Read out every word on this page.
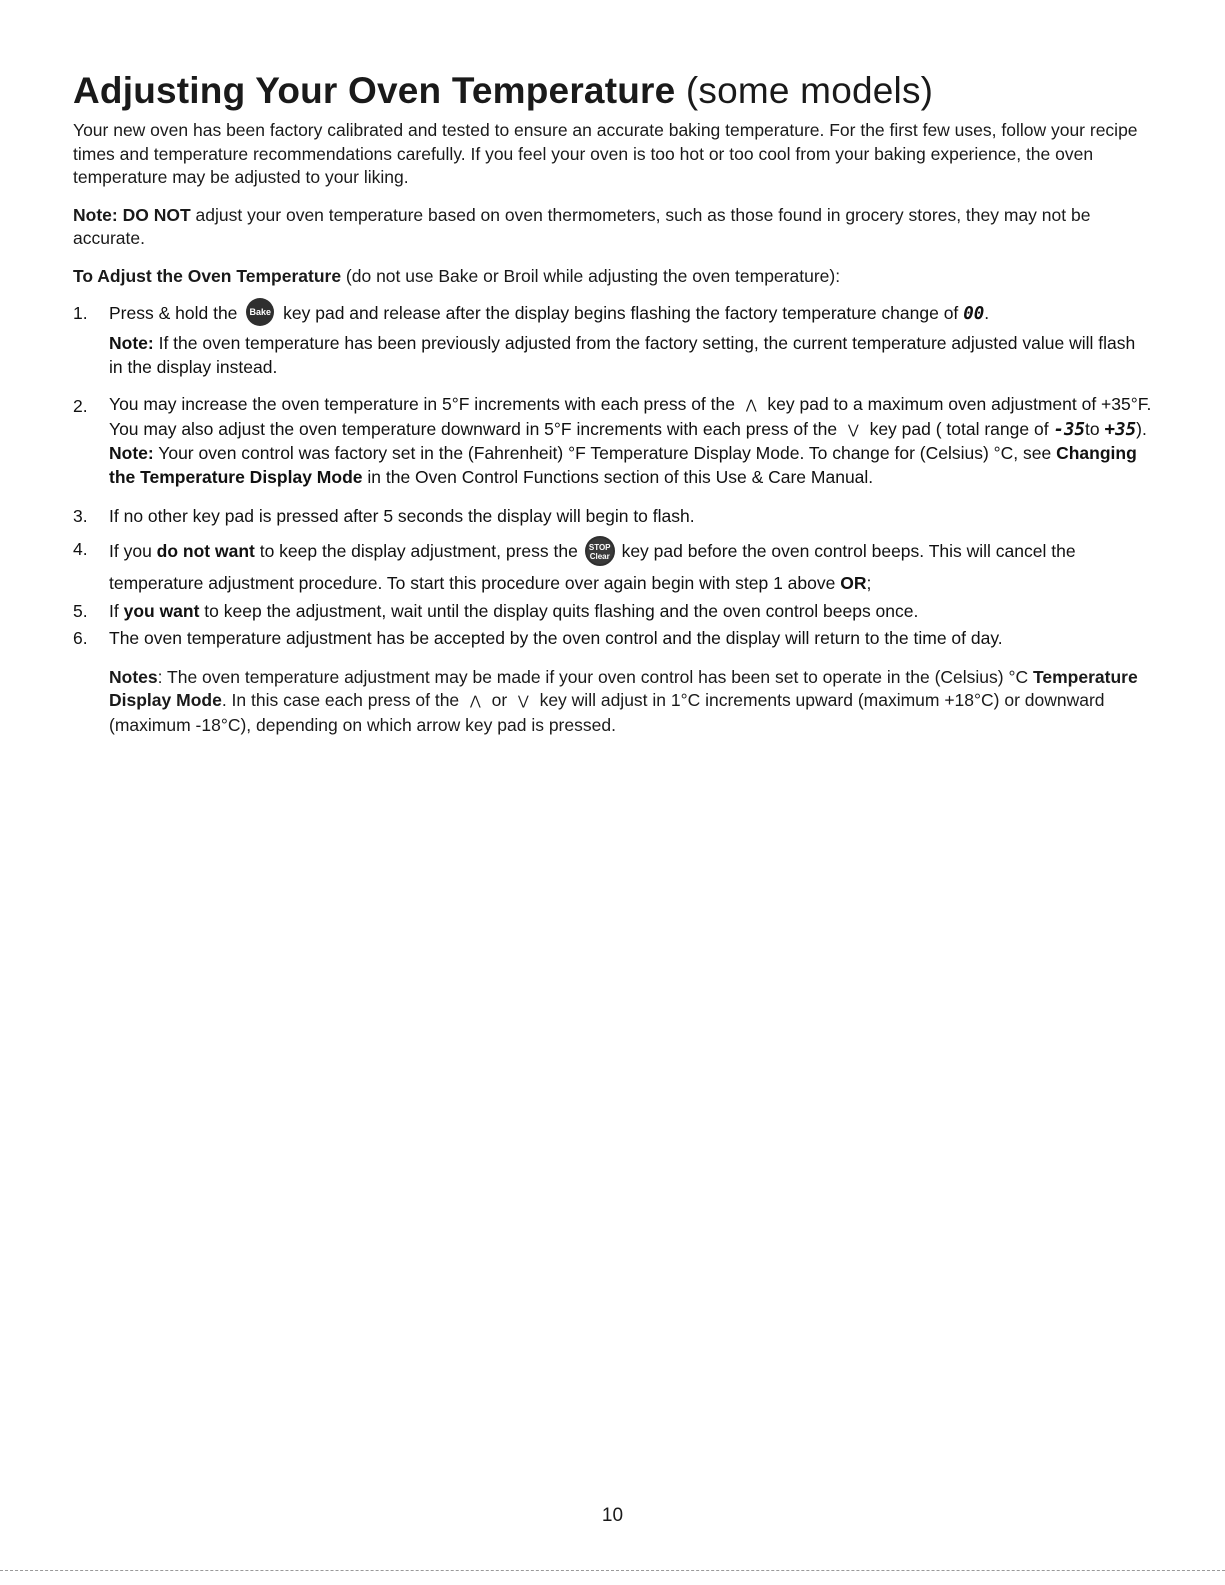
Adjusting Your Oven Temperature (some models)

Your new oven has been factory calibrated and tested to ensure an accurate baking temperature. For the first few uses, follow your recipe times and temperature recommendations carefully. If you feel your oven is too hot or too cool from your baking experience, the oven temperature may be adjusted to your liking.

Note: DO NOT adjust your oven temperature based on oven thermometers, such as those found in grocery stores, they may not be accurate.

To Adjust the Oven Temperature (do not use Bake or Broil while adjusting the oven temperature):

1.	Press & hold the Bake key pad and release after the display begins flashing the factory temperature change of 00.
Note: If the oven temperature has been previously adjusted from the factory setting, the current temperature adjusted value will flash in the display instead.
2.	You may increase the oven temperature in 5°F increments with each press of the ⋀ key pad to a maximum oven adjustment of +35°F. You may also adjust the oven temperature downward in 5°F increments with each press of the ⋁ key pad ( total range of -35to +35). Note: Your oven control was factory set in the (Fahrenheit) °F Temperature Display Mode. To change for (Celsius) °C, see Changing the Temperature Display Mode in the Oven Control Functions section of this Use & Care Manual.
3.	If no other key pad is pressed after 5 seconds the display will begin to flash.
4.	If you do not want to keep the display adjustment, press the STOP
Clear key pad before the oven control beeps. This will cancel the temperature adjustment procedure. To start this procedure over again begin with step 1 above OR;
5.	If you want to keep the adjustment, wait until the display quits flashing and the oven control beeps once.
6.	The oven temperature adjustment has be accepted by the oven control and the display will return to the time of day.

Notes: The oven temperature adjustment may be made if your oven control has been set to operate in the (Celsius) °C Temperature Display Mode. In this case each press of the ⋀ or ⋁ key will adjust in 1°C increments upward (maximum +18°C) or downward (maximum -18°C), depending on which arrow key pad is pressed.

10
